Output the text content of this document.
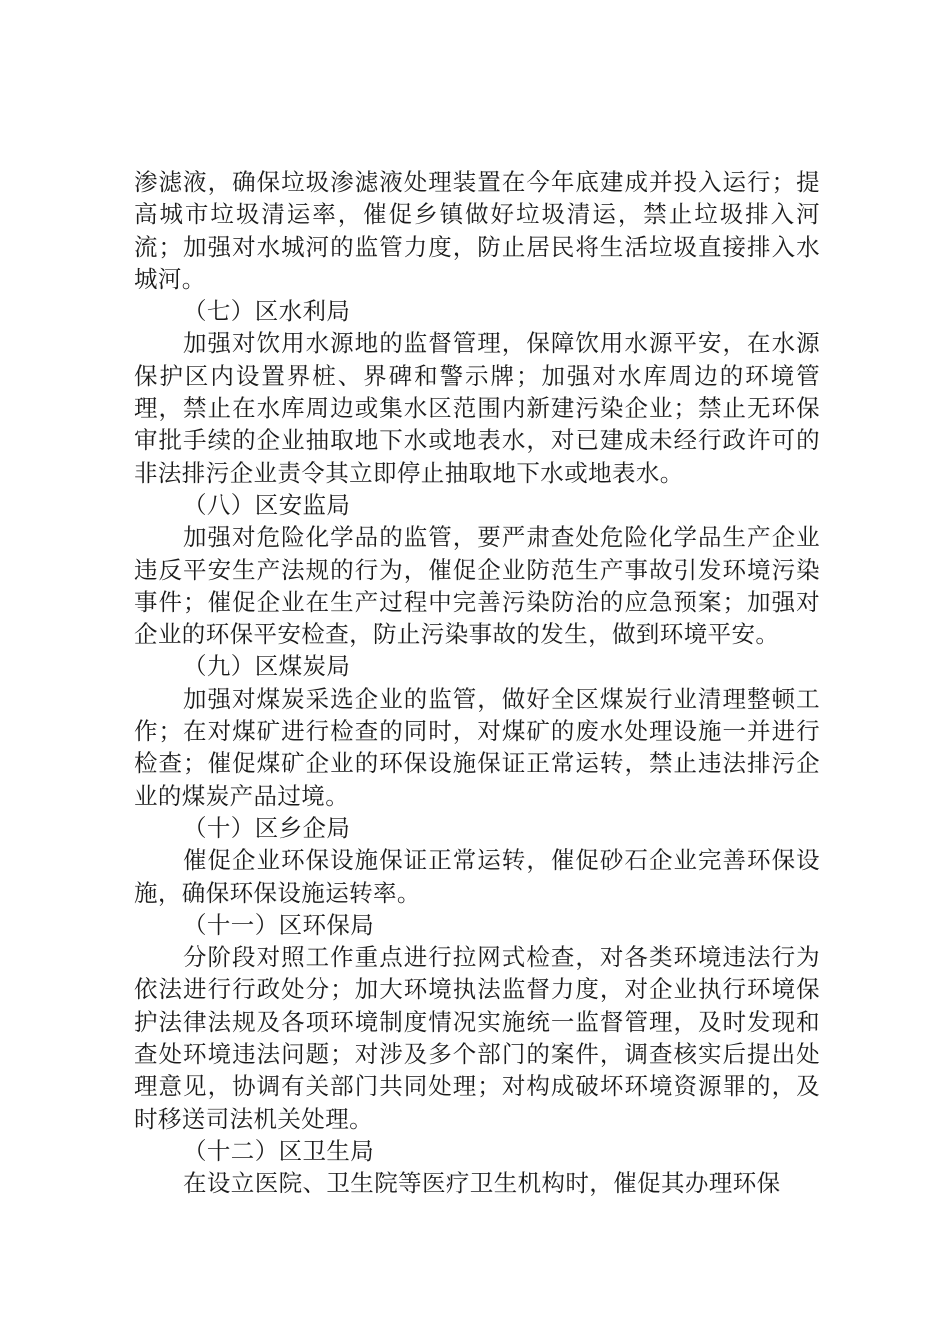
渗滤液，确保垃圾渗滤液处理装置在今年底建成并投入运行；提高城市垃圾清运率，催促乡镇做好垃圾清运，禁止垃圾排入河流；加强对水城河的监管力度，防止居民将生活垃圾直接排入水城河。

（七）区水利局

加强对饮用水源地的监督管理，保障饮用水源平安，在水源保护区内设置界桩、界碑和警示牌；加强对水库周边的环境管理，禁止在水库周边或集水区范围内新建污染企业；禁止无环保审批手续的企业抽取地下水或地表水，对已建成未经行政许可的非法排污企业责令其立即停止抽取地下水或地表水。

（八）区安监局

加强对危险化学品的监管，要严肃查处危险化学品生产企业违反平安生产法规的行为，催促企业防范生产事故引发环境污染事件；催促企业在生产过程中完善污染防治的应急预案；加强对企业的环保平安检查，防止污染事故的发生，做到环境平安。

（九）区煤炭局

加强对煤炭采选企业的监管，做好全区煤炭行业清理整顿工作；在对煤矿进行检查的同时，对煤矿的废水处理设施一并进行检查；催促煤矿企业的环保设施保证正常运转，禁止违法排污企业的煤炭产品过境。

（十）区乡企局

催促企业环保设施保证正常运转，催促砂石企业完善环保设施，确保环保设施运转率。

（十一）区环保局

分阶段对照工作重点进行拉网式检查，对各类环境违法行为依法进行行政处分；加大环境执法监督力度，对企业执行环境保护法律法规及各项环境制度情况实施统一监督管理，及时发现和查处环境违法问题；对涉及多个部门的案件，调查核实后提出处理意见，协调有关部门共同处理；对构成破坏环境资源罪的，及时移送司法机关处理。

（十二）区卫生局

在设立医院、卫生院等医疗卫生机构时，催促其办理环保
